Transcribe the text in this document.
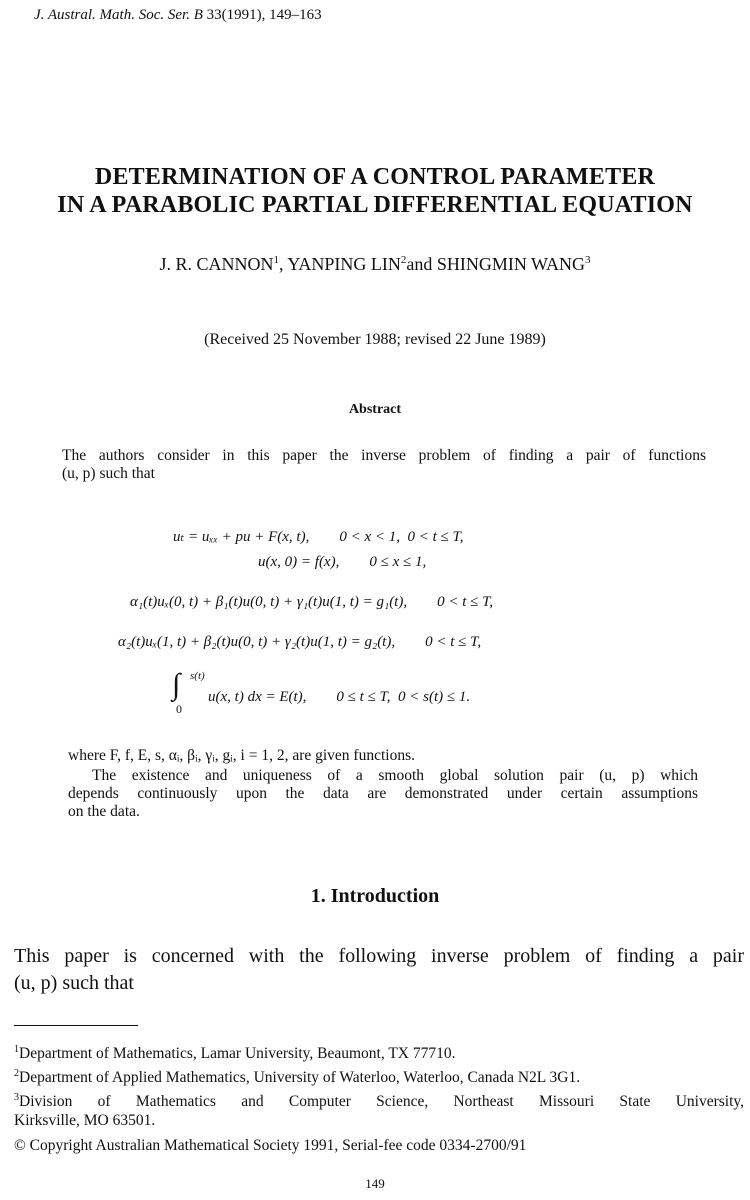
J. Austral. Math. Soc. Ser. B 33(1991), 149–163
DETERMINATION OF A CONTROL PARAMETER
IN A PARABOLIC PARTIAL DIFFERENTIAL EQUATION
J. R. CANNON$^1$, YANPING LIN$^2$and SHINGMIN WANG$^3$
(Received 25 November 1988; revised 22 June 1989)
Abstract
The authors consider in this paper the inverse problem of finding a pair of functions
(u, p) such that
uₜ = uₓₓ + pu + F(x, t),        0 < x < 1,  0 < t ≤ T,
u(x, 0) = f(x),        0 ≤ x ≤ 1,
α₁(t)uₓ(0, t) + β₁(t)u(0, t) + γ₁(t)u(1, t) = g₁(t),        0 < t ≤ T,
α₂(t)uₓ(1, t) + β₂(t)u(0, t) + γ₂(t)u(1, t) = g₂(t),        0 < t ≤ T,
∫ s(t)
0
u(x, t) dx = E(t),        0 ≤ t ≤ T,  0 < s(t) ≤ 1.
where F, f, E, s, αᵢ, βᵢ, γᵢ, gᵢ, i = 1, 2, are given functions.
The existence and uniqueness of a smooth global solution pair (u, p) which
depends continuously upon the data are demonstrated under certain assumptions
on the data.
1. Introduction
This paper is concerned with the following inverse problem of finding a pair
(u, p) such that
$^1$Department of Mathematics, Lamar University, Beaumont, TX 77710.
$^2$Department of Applied Mathematics, University of Waterloo, Waterloo, Canada N2L 3G1.
$^3$Division of Mathematics and Computer Science, Northeast Missouri State University,
Kirksville, MO 63501.
© Copyright Australian Mathematical Society 1991, Serial-fee code 0334-2700/91
149
